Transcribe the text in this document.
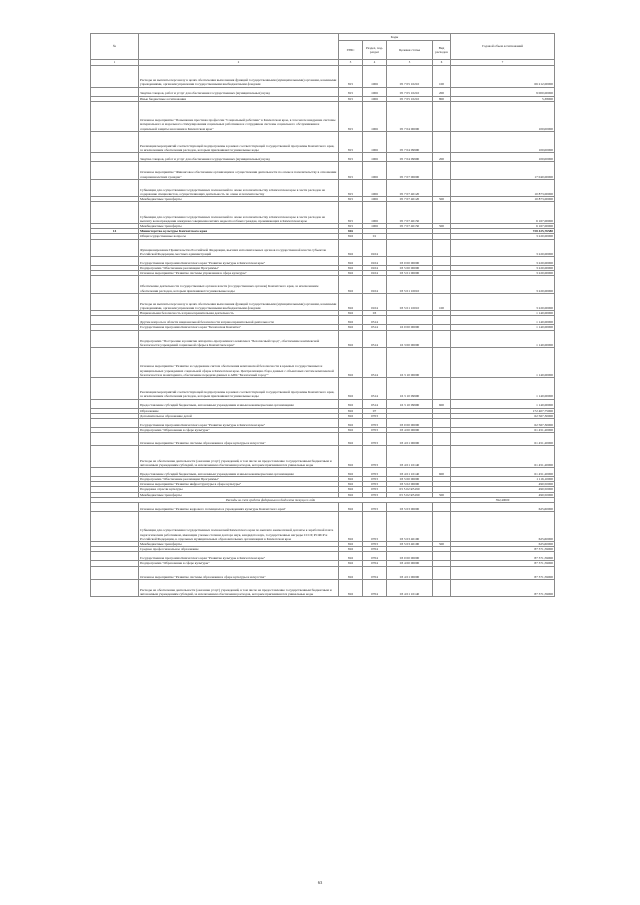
№		Коды				Годовой объем ассигнований
		ГРБС	Раздел, под-раздел	Целевая статья	Вид расходов	
1	2	3	4	5	6	7
	Расходы на выплаты персоналу в целях обеспечения выполнения функций государственными (муниципальными) органами, казенными учреждениями, органами управления государственными внебюджетными фондами	815	1006	05 7 05 10210	100	66 212,00000
	Закупка товаров, работ и услуг для обеспечения государственных (муниципальных) нужд	815	1006	05 7 05 10210	200	9 000,00000
	Иные бюджетные ассигнования	815	1006	05 7 05 10210	800	5,38000
	Основное мероприятие "Повышение престижа профессии "Социальный работник" в Камчатском крае, в том числе внедрение системы материального и морального стимулирования социальных работников и сотрудников системы социального обслуживания и социальной защиты населения в Камчатском крае"	815	1006	05 7 04 00000		100,00000
	Реализация мероприятий соответствующей подпрограммы в рамках соответствующей государственной программы Камчатского края, за исключением обеспечения расходов, которым присваиваются уникальные коды	815	1006	05 7 04 09990		100,00000
	Закупка товаров, работ и услуг для обеспечения государственных (муниципальных) нужд	815	1006	05 7 04 09990	200	100,00000
	Основное мероприятие "Финансовое обеспечение организации и осуществления деятельности по опеке и попечительству в отношении совершеннолетних граждан"	815	1006	05 7 07 00000		17 040,00000
	Субвенции для осуществления государственных полномочий по опеке и попечительству в Камчатском крае в части расходов на содержание специалистов, осуществляющих деятельность по опеке и попечительству	815	1006	05 7 07 40120		10 873,00000
	Межбюджетные трансферты	815	1006	05 7 07 40120	500	10 873,00000
	Субвенции для осуществления государственных полномочий по опеке и попечительству в Камчатском крае в части расходов на выплату вознаграждения опекунам совершеннолетних недееспособных граждан, проживающих в Камчатском крае	815	1006	05 7 07 40150		6 167,00000
	Межбюджетные трансферты	815	1006	05 7 07 40150	500	6 167,00000
14	Министерство культуры Камчатского края	816				728 425,76580
	Общегосударственные вопросы	816	01			3 220,00000
	Функционирование Правительства Российской Федерации, высших исполнительных органов государственной власти субъектов Российской Федерации, местных администраций	816	0104			3 220,00000
	Государственная программа Камчатского края "Развитие культуры в Камчатском крае"	816	0104	03 0 00 00000		3 220,00000
	Подпрограмма "Обеспечение реализации Программы"	816	0104	03 5 00 00000		3 220,00000
	Основное мероприятие "Развитие системы управления в сфере культуры"	816	0104	03 5 01 00000		3 220,00000
	Обеспечение деятельности государственных органов власти (государственных органов) Камчатского края, за исключением обеспечения расходов, которым присваиваются уникальные коды	816	0104	03 5 01 10010		3 220,00000
	Расходы на выплаты персоналу в целях обеспечения выполнения функций государственными (муниципальными) органами, казенными учреждениями, органами управления государственными внебюджетными фондами	816	0104	03 5 01 10010	100	3 220,00000
	Национальная безопасность и правоохранительная деятельность	816	03			1 140,00000
	Другие вопросы в области национальной безопасности и правоохранительной деятельности	816	0314			1 140,00000
	Государственная программа Камчатского края "Безопасная Камчатка"	816	0314	16 0 00 00000		1 140,00000
	Подпрограмма "Построение и развитие аппаратно-программного комплекса "Безопасный город", обеспечение комплексной безопасности учреждений социальной сферы в Камчатском крае"	816	0314	16 3 00 00000		1 140,00000
	Основное мероприятие "Развитие и содержание систем обеспечения комплексной безопасности в краевых государственных и муниципальных учреждениях социальной сферы в Камчатском крае. Централизация сбора данных с объектовых систем комплексной безопасности и мониторинга, обеспечение передачи данных в АПК "Безопасный город""	816	0314	16 3 10 00000		1 140,00000
	Реализация мероприятий соответствующей подпрограммы в рамках соответствующей государственной программы Камчатского края, за исключением обеспечения расходов, которым присваиваются уникальные коды	816	0314	16 3 10 09990		1 140,00000
	Предоставление субсидий бюджетным, автономным учреждениям и иным некоммерческим организациям	816	0314	16 3 10 09990	600	1 140,00000
	Образование	816	07			172 407,75000
	Дополнительное образование детей	816	0703			62 567,30000
	Государственная программа Камчатского края "Развитие культуры в Камчатском крае"	816	0703	03 0 00 00000		62 567,30000
	Подпрограмма "Образование в сфере культуры"	816	0703	03 4 00 00000		61 451,20000
	Основное мероприятие "Развитие системы образования в сфере культуры и искусства"	816	0703	03 4 01 00000		61 451,20000
	Расходы на обеспечение деятельности (оказание услуг) учреждений, в том числе на предоставление государственным бюджетным и автономным учреждениям субсидий, за исключением обеспечения расходов, которым присваиваются уникальные коды	816	0703	03 4 01 10140		61 451,20000
	Предоставление субсидий бюджетным, автономным учреждениям и иным некоммерческим организациям	816	0703	03 4 01 10140	600	61 451,20000
	Подпрограмма "Обеспечение реализации Программы"	816	0703	03 5 00 00000		1 116,10000
	Основное мероприятие "Развитие инфраструктуры в сфере культуры"	816	0703	03 5 02 00000		490,50000
	Поддержка отрасли культуры	816	0703	03 5 02 R5190		490,50000
	Межбюджетные трансферты	816	0703	03 5 02 R5190	500	490,50000
Расходы за счет средств федерального бюджета текущего года						392,40000
	Основное мероприятие "Развитие кадрового потенциала в учреждениях культуры Камчатского края"	816	0703	03 5 03 00000		625,60000
	Субвенции для осуществления государственных полномочий Камчатского края по выплате ежемесячной доплаты к заработной плате педагогическим работникам, имеющим ученые степени доктора наук, кандидата наук, государственные награды СССР, РСФСР и Российской Федерации, в отдельных муниципальных образовательных организациях в Камчатском крае	816	0703	03 5 03 40190		625,60000
	Межбюджетные трансферты	816	0703	03 5 03 40190	500	625,60000
	Среднее профессиональное образование	816	0704			87 371,59000
	Государственная программа Камчатского края "Развитие культуры в Камчатском крае"	816	0704	03 0 00 00000		87 371,59000
	Подпрограмма "Образование в сфере культуры"	816	0704	03 4 00 00000		87 371,59000
	Основное мероприятие "Развитие системы образования в сфере культуры и искусства"	816	0704	03 4 01 00000		87 371,59000
	Расходы на обеспечение деятельности (оказание услуг) учреждений, в том числе на предоставление государственным бюджетным и автономным учреждениям субсидий, за исключением обеспечения расходов, которым присваиваются уникальные коды	816	0704	03 4 01 10140		87 371,59000
63
